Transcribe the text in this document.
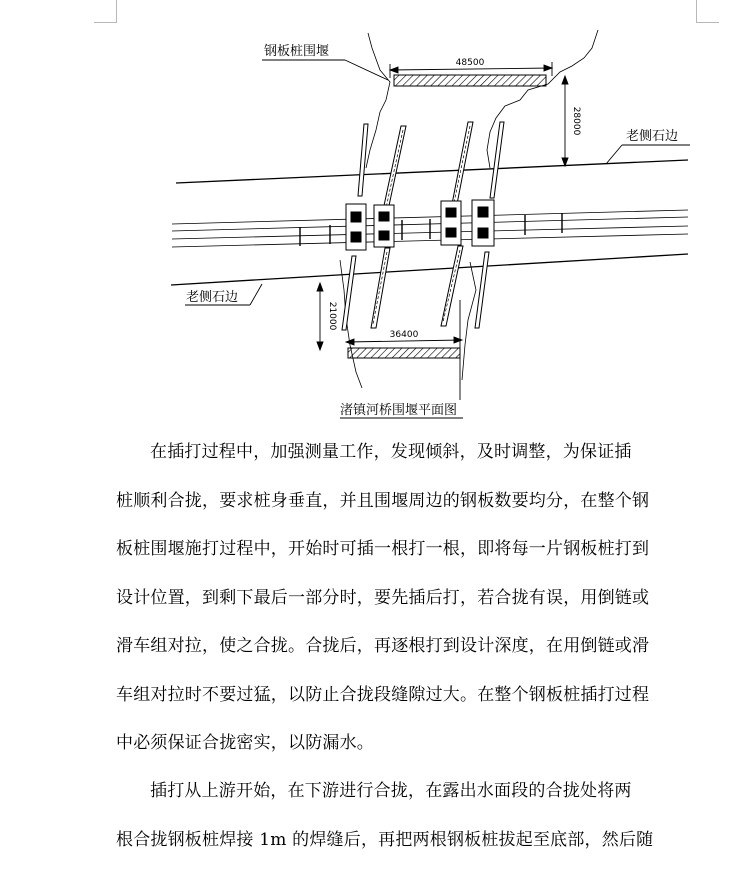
48500
28000
36400
21000
钢板桩围堰
老侧石边
老侧石边
渚镇河桥围堰平面图
在插打过程中，加强测量工作，发现倾斜，及时调整，为保证插
桩顺利合拢，要求桩身垂直，并且围堰周边的钢板数要均分，在整个钢
板桩围堰施打过程中，开始时可插一根打一根，即将每一片钢板桩打到
设计位置，到剩下最后一部分时，要先插后打，若合拢有误，用倒链或
滑车组对拉，使之合拢。合拢后，再逐根打到设计深度，在用倒链或滑
车组对拉时不要过猛，以防止合拢段缝隙过大。在整个钢板桩插打过程
中必须保证合拢密实，以防漏水。
插打从上游开始，在下游进行合拢，在露出水面段的合拢处将两
根合拢钢板桩焊接 1m 的焊缝后，再把两根钢板桩拔起至底部，然后随
